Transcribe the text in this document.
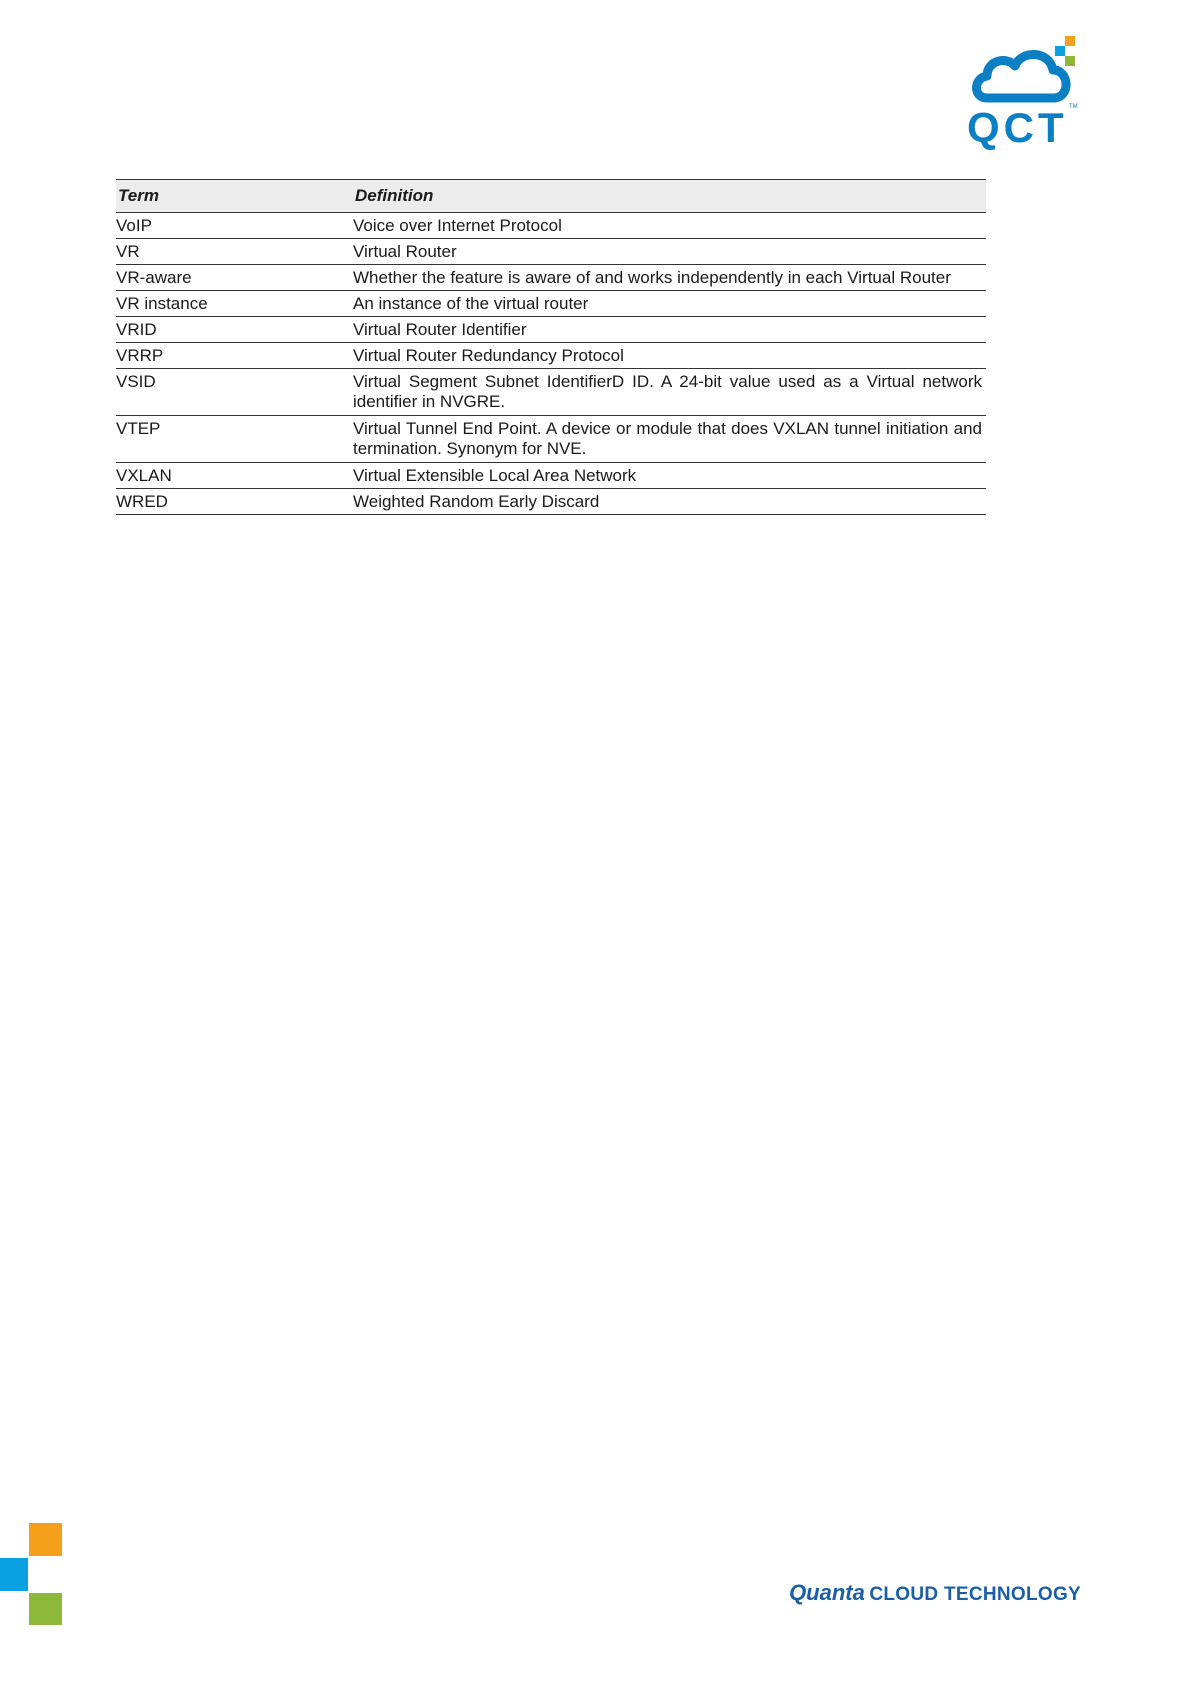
QCT TM
Term	Definition
VoIP	Voice over Internet Protocol
VR	Virtual Router
VR-aware	Whether the feature is aware of and works independently in each Virtual Router
VR instance	An instance of the virtual router
VRID	Virtual Router Identifier
VRRP	Virtual Router Redundancy Protocol
VSID	Virtual Segment Subnet IdentifierD ID. A 24-bit value used as a Virtual network identifier in NVGRE.
VTEP	Virtual Tunnel End Point. A device or module that does VXLAN tunnel initiation and termination. Synonym for NVE.
VXLAN	Virtual Extensible Local Area Network
WRED	Weighted Random Early Discard
Quanta CLOUD TECHNOLOGY
